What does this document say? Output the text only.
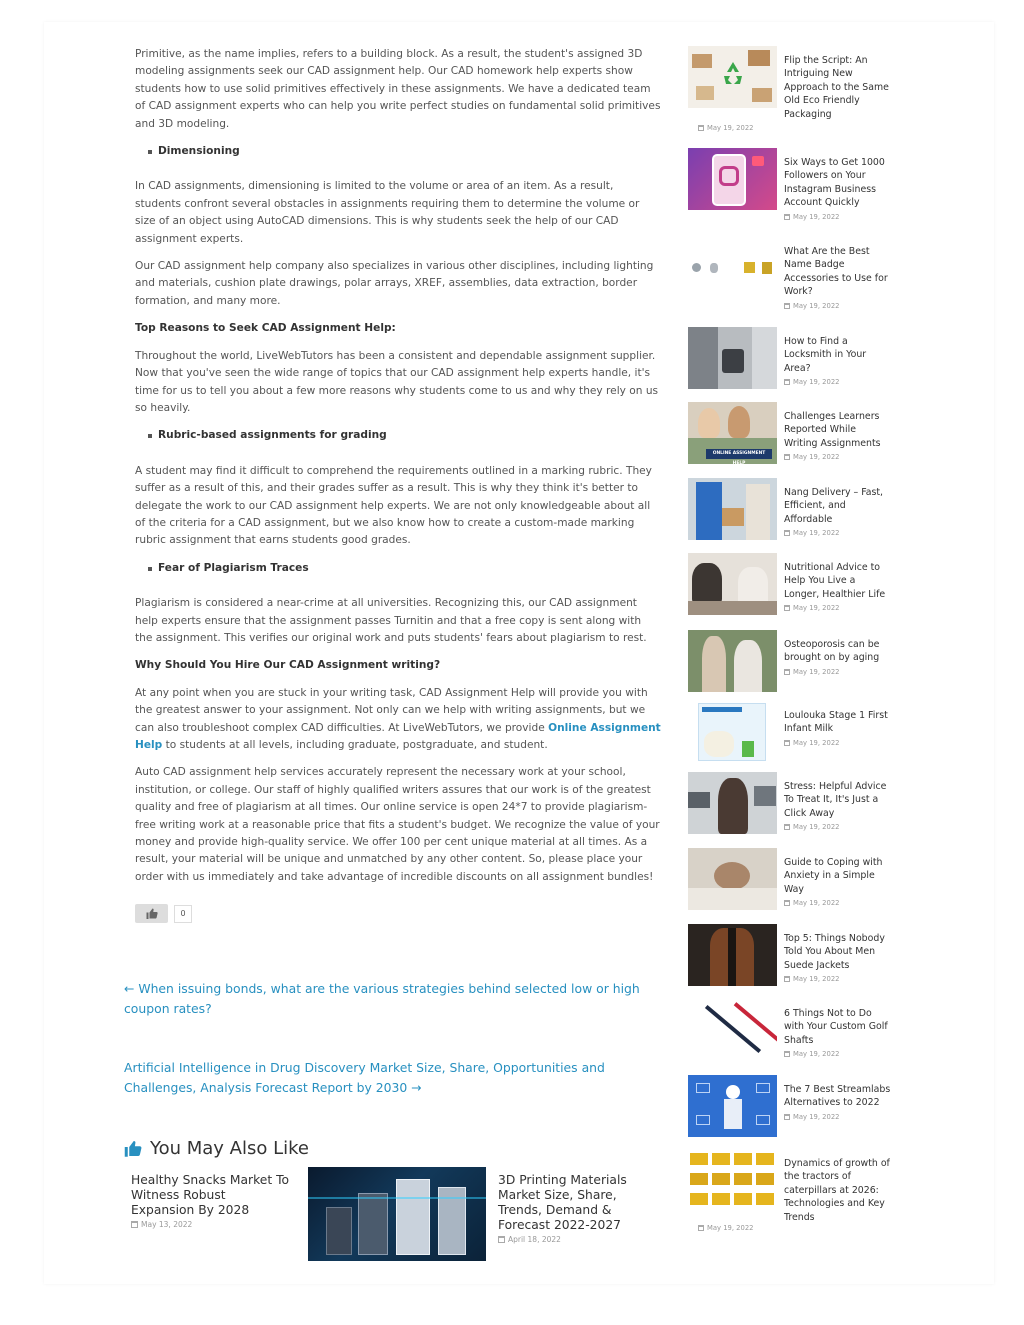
Primitive, as the name implies, refers to a building block. As a result, the student's assigned 3D modeling assignments seek our CAD assignment help. Our CAD homework help experts show students how to use solid primitives effectively in these assignments. We have a dedicated team of CAD assignment experts who can help you write perfect studies on fundamental solid primitives and 3D modeling.

Dimensioning

In CAD assignments, dimensioning is limited to the volume or area of an item. As a result, students confront several obstacles in assignments requiring them to determine the volume or size of an object using AutoCAD dimensions. This is why students seek the help of our CAD assignment experts.

Our CAD assignment help company also specializes in various other disciplines, including lighting and materials, cushion plate drawings, polar arrays, XREF, assemblies, data extraction, border formation, and many more.

Top Reasons to Seek CAD Assignment Help:

Throughout the world, LiveWebTutors has been a consistent and dependable assignment supplier. Now that you've seen the wide range of topics that our CAD assignment help experts handle, it's time for us to tell you about a few more reasons why students come to us and why they rely on us so heavily.

Rubric-based assignments for grading

A student may find it difficult to comprehend the requirements outlined in a marking rubric. They suffer as a result of this, and their grades suffer as a result. This is why they think it's better to delegate the work to our CAD assignment help experts. We are not only knowledgeable about all of the criteria for a CAD assignment, but we also know how to create a custom-made marking rubric assignment that earns students good grades.

Fear of Plagiarism Traces

Plagiarism is considered a near-crime at all universities. Recognizing this, our CAD assignment help experts ensure that the assignment passes Turnitin and that a free copy is sent along with the assignment. This verifies our original work and puts students' fears about plagiarism to rest.

Why Should You Hire Our CAD Assignment writing?

At any point when you are stuck in your writing task, CAD Assignment Help will provide you with the greatest answer to your assignment. Not only can we help with writing assignments, but we can also troubleshoot complex CAD difficulties. At LiveWebTutors, we provide Online Assignment Help to students at all levels, including graduate, postgraduate, and student.

Auto CAD assignment help services accurately represent the necessary work at your school, institution, or college. Our staff of highly qualified writers assures that our work is of the greatest quality and free of plagiarism at all times. Our online service is open 24*7 to provide plagiarism-free writing work at a reasonable price that fits a student's budget. We recognize the value of your money and provide high-quality service. We offer 100 per cent unique material at all times. As a result, your material will be unique and unmatched by any other content. So, please place your order with us immediately and take advantage of incredible discounts on all assignment bundles!

0
← When issuing bonds, what are the various strategies behind selected low or high coupon rates?
Artificial Intelligence in Drug Discovery Market Size, Share, Opportunities and Challenges, Analysis Forecast Report by 2030 →
You May Also Like
Healthy Snacks Market To Witness Robust Expansion By 2028
May 13, 2022
3D Printing Materials Market Size, Share, Trends, Demand & Forecast 2022-2027
April 18, 2022
Flip the Script: An Intriguing New Approach to the Same Old Eco Friendly Packaging
May 19, 2022
Six Ways to Get 1000 Followers on Your Instagram Business Account Quickly
May 19, 2022
What Are the Best Name Badge Accessories to Use for Work?
May 19, 2022
How to Find a Locksmith in Your Area?
May 19, 2022
ONLINE ASSIGNMENT HELP
Challenges Learners Reported While Writing Assignments
May 19, 2022
Nang Delivery – Fast, Efficient, and Affordable
May 19, 2022
Nutritional Advice to Help You Live a Longer, Healthier Life
May 19, 2022
Osteoporosis can be brought on by aging
May 19, 2022
Loulouka Stage 1 First Infant Milk
May 19, 2022
Stress: Helpful Advice To Treat It, It's Just a Click Away
May 19, 2022
Guide to Coping with Anxiety in a Simple Way
May 19, 2022
Top 5: Things Nobody Told You About Men Suede Jackets
May 19, 2022
6 Things Not to Do with Your Custom Golf Shafts
May 19, 2022
The 7 Best Streamlabs Alternatives to 2022
May 19, 2022
Dynamics of growth of the tractors of caterpillars at 2026: Technologies and Key Trends
May 19, 2022
